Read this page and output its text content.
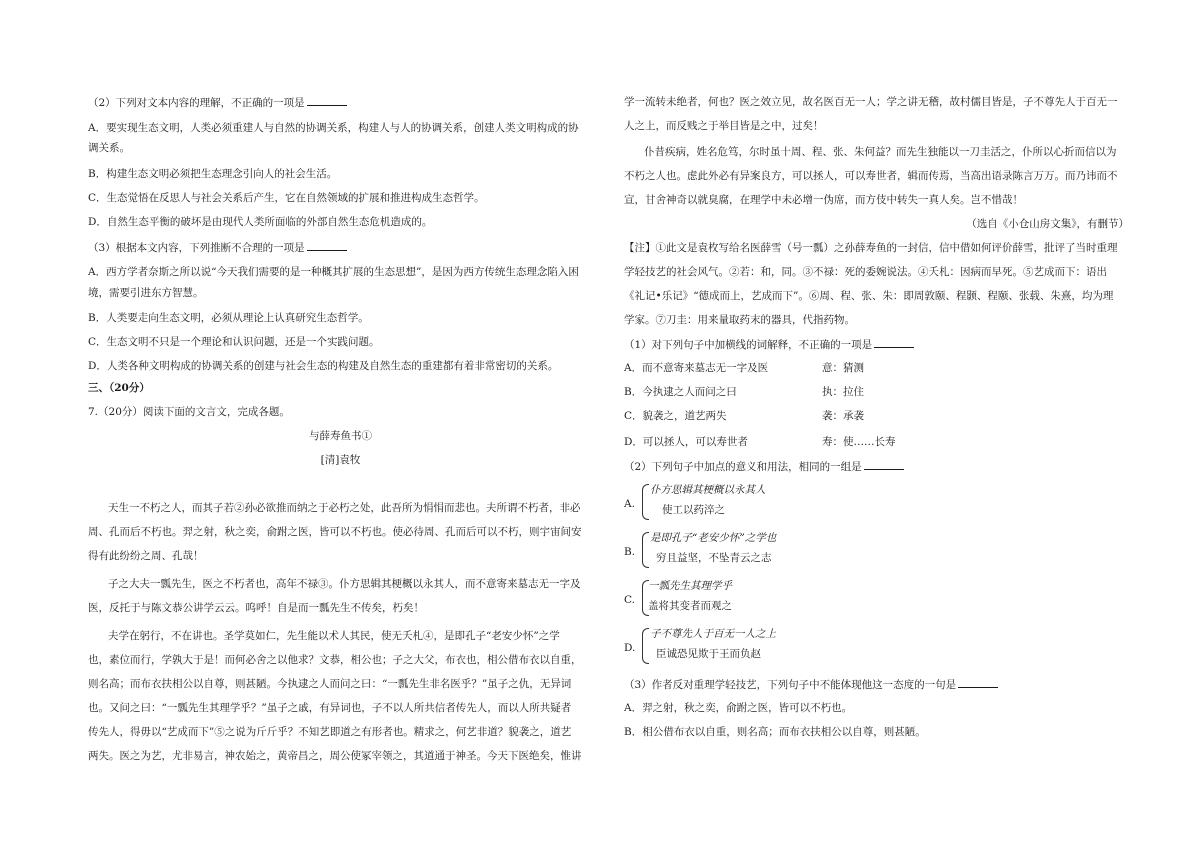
（2）下列对文本内容的理解，不正确的一项是
A．要实现生态文明，人类必须重建人与自然的协调关系，构建人与人的协调关系，创建人类文明构成的协
调关系。
B．构建生态文明必须把生态理念引向人的社会生活。
C．生态觉悟在反思人与社会关系后产生，它在自然领域的扩展和推进构成生态哲学。
D．自然生态平衡的破坏是由现代人类所面临的外部自然生态危机造成的。
（3）根据本文内容，下列推断不合理的一项是
A．西方学者奈斯之所以说“今天我们需要的是一种概其扩展的生态思想”，是因为西方传统生态理念陷入困
境，需要引进东方智慧。
B．人类要走向生态文明，必须从理论上认真研究生态哲学。
C．生态文明不只是一个理论和认识问题，还是一个实践问题。
D．人类各种文明构成的协调关系的创建与社会生态的构建及自然生态的重建都有着非常密切的关系。
三、（20分）
7.（20分）阅读下面的文言文，完成各题。
与薛寿鱼书①
[清]袁牧
天生一不朽之人，而其子若②孙必欲推而纳之于必朽之处，此吾所为悁悁而悲也。夫所谓不朽者，非必
周、孔而后不朽也。羿之射，秋之奕，俞跗之医，皆可以不朽也。使必待周、孔而后可以不朽，则宇宙间安
得有此纷纷之周、孔哉！
子之大夫一瓢先生，医之不朽者也，高年不禄③。仆方思辑其梗概以永其人，而不意寄来墓志无一字及
医，反托于与陈文恭公讲学云云。呜呼！自是而一瓢先生不传矣，朽矣！
夫学在躬行，不在讲也。圣学莫如仁，先生能以术人其民，使无夭札④，是即孔子“老安少怀”之学
也，素位而行，学孰大于是！而何必舍之以他求？文恭，相公也；子之大父，布衣也，相公借布衣以自重，
则名高；而布衣扶相公以自尊，则甚陋。今执逮之人而问之曰：“一瓢先生非名医乎？”虽子之仇，无异词
也。又问之曰：“一瓢先生其理学乎？”虽子之戚，有异词也，子不以人所共信者传先人，而以人所共疑者
传先人，得毋以“艺成而下”⑤之说为斤斤乎？不知艺即道之有形者也。精求之，何艺非道？貌袭之，道艺
两失。医之为艺，尤非易言，神农始之，黄帝昌之，周公使冢宰领之，其道通于神圣。今天下医绝矣，惟讲
学一流转未绝者，何也？医之效立见，故名医百无一人；学之讲无稽，故村儒目皆是，子不尊先人于百无一
人之上，而反贱之于举目皆是之中，过矣！
仆昔疾病，姓名危笃，尔时虽十周、程、张、朱何益？而先生独能以一刀圭活之，仆所以心折而信以为
不朽之人也。虑此外必有异案良方，可以拯人，可以寿世者，辑而传焉，当高出语录陈言万万。而乃讳而不
宣，甘舍神奇以就臭腐，在理学中未必增一伪席，而方伎中转失一真人矣。岂不惜哉！
（选自《小仓山房文集》，有删节）
【注】①此文是袁枚写给名医薛雪（号一瓢）之孙薛寿鱼的一封信，信中借如何评价薛雪，批评了当时重理
学轻技艺的社会风气。②若：和，同。③不禄：死的委婉说法。④夭札：因病而早死。⑤艺成而下：语出
《礼记•乐记》“德成而上，艺成而下”。⑥周、程、张、朱：即周敦颐、程颢、程颐、张载、朱熹，均为理
学家。⑦刀圭：用来量取药末的器具，代指药物。
（1）对下列句子中加横线的词解释，不正确的一项是
A．而不意寄来墓志无一字及医	意：猜测
B．今执逮之人而问之曰	执：拉住
C．貌袭之，道艺两失	袭：承袭
D．可以拯人，可以寿世者	寿：使……长寿
（2）下列句子中加点的意义和用法，相同的一组是
A.
仆方思辑其梗概以永其人
使工以药淬之
B.
是即孔子“老安少怀”之学也
穷且益坚，不坠青云之志
C.
一瓢先生其理学乎
盖将其变者而观之
D.
子不尊先人于百无一人之上
臣诚恐见欺于王而负赵
（3）作者反对重理学轻技艺，下列句子中不能体现他这一态度的一句是
A．羿之射，秋之奕，俞跗之医，皆可以不朽也。
B．相公借布衣以自重，则名高；而布衣扶相公以自尊，则甚陋。
